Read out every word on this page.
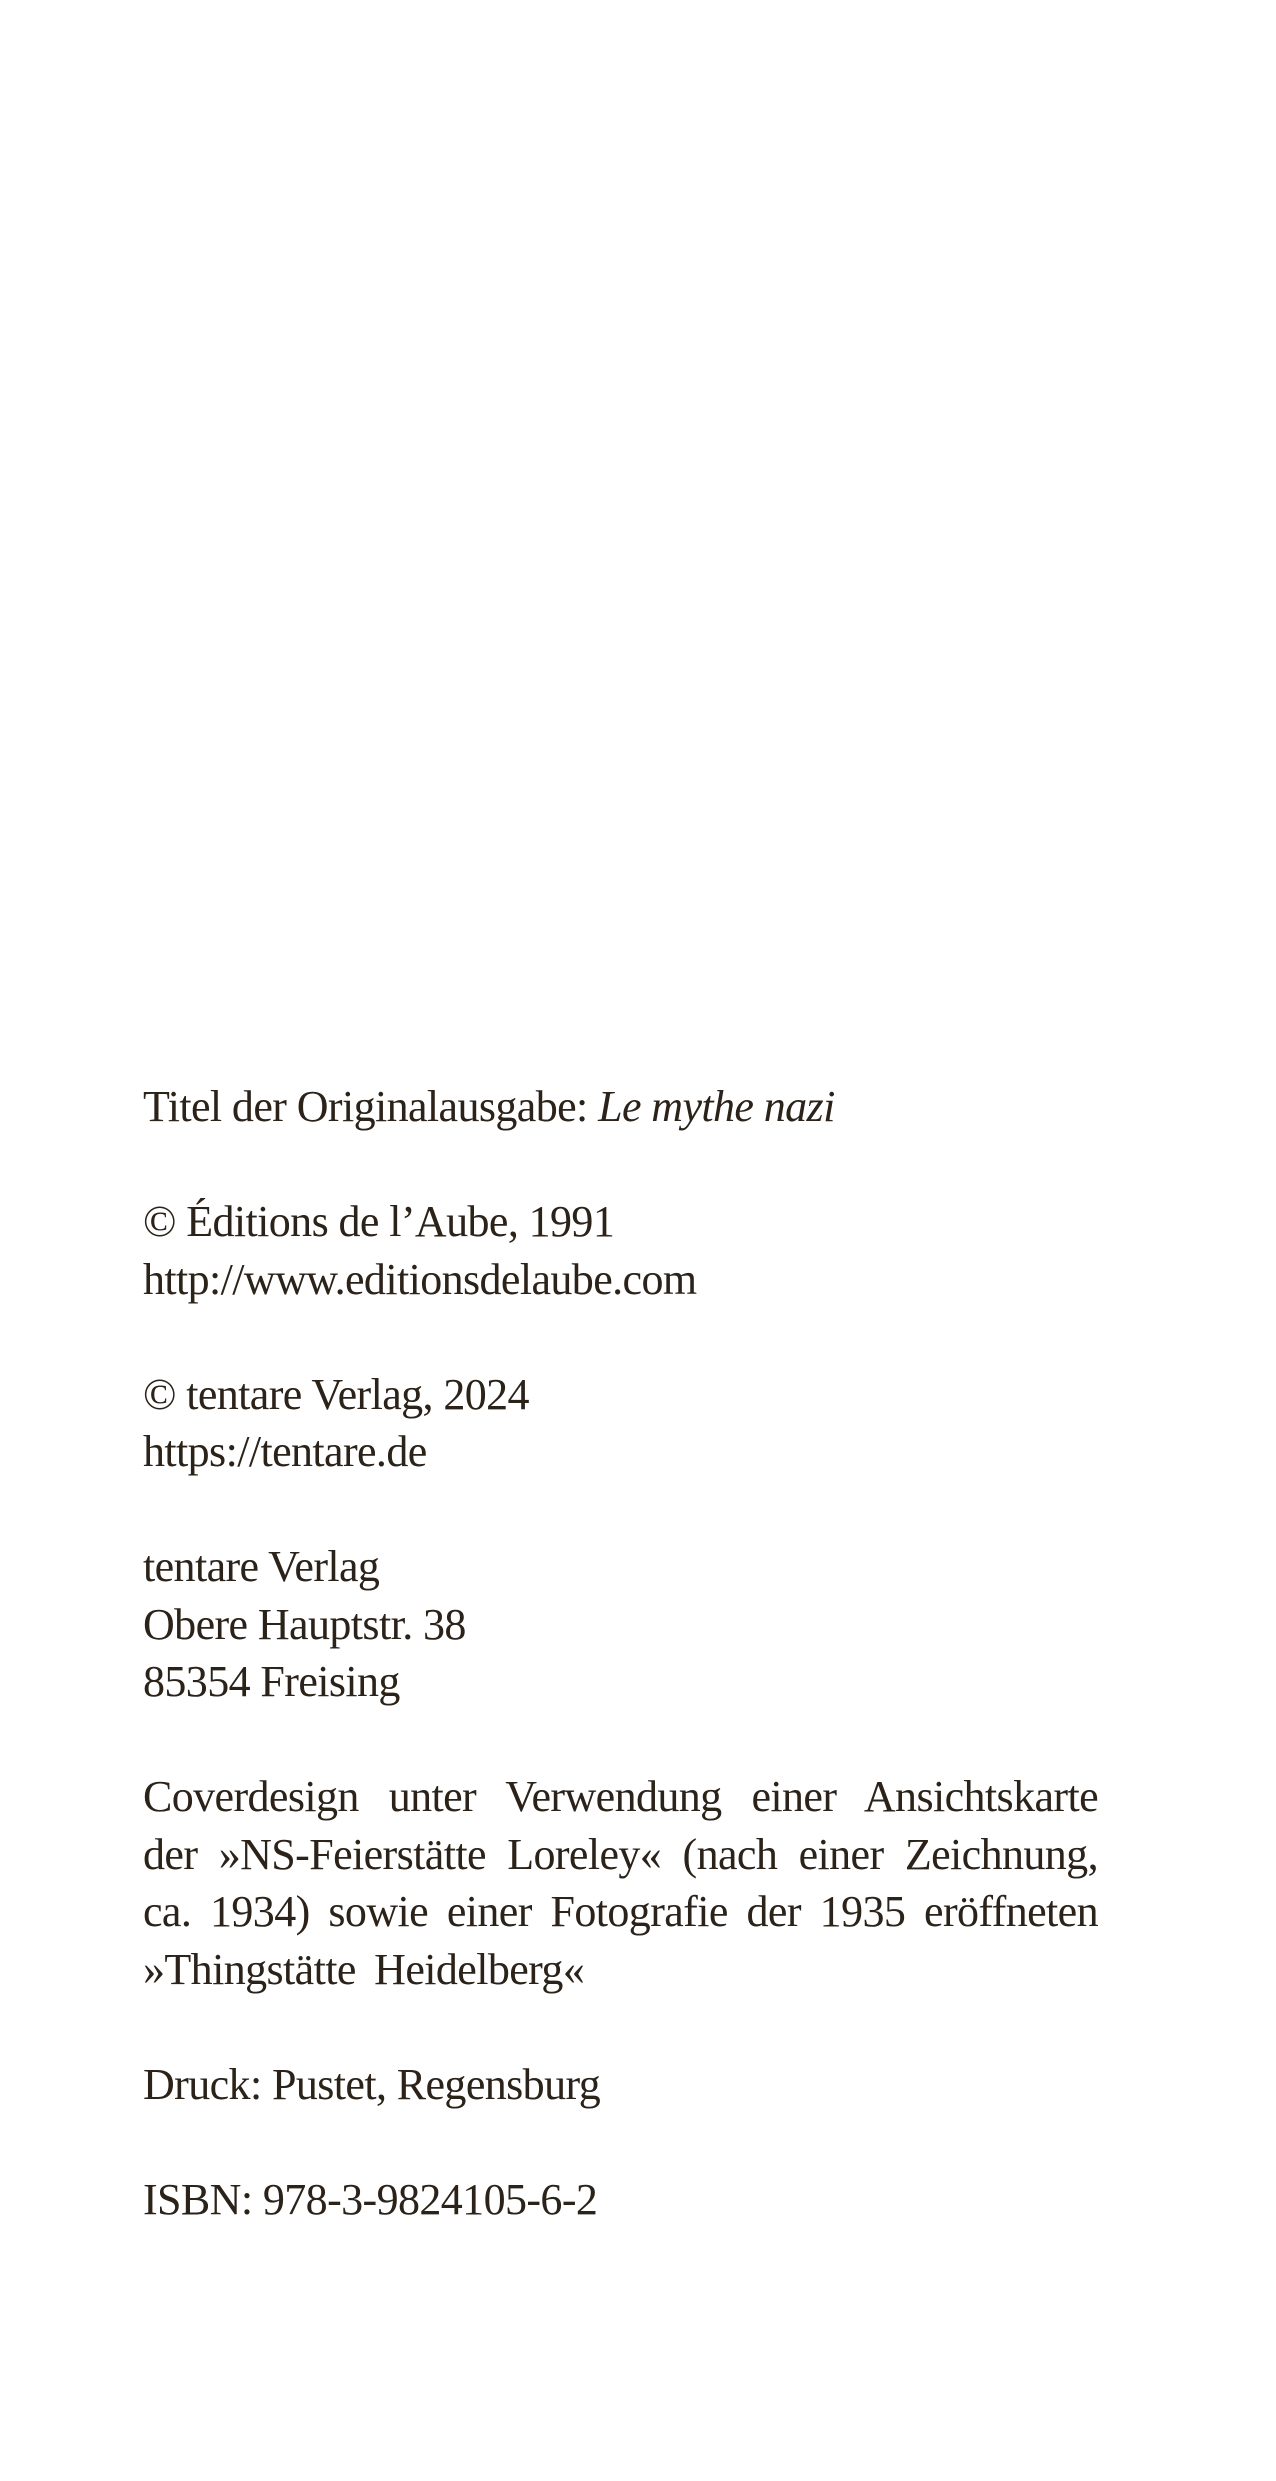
Titel der Originalausgabe: Le mythe nazi
© Éditions de l’Aube, 1991
http://www.editionsdelaube.com
© tentare Verlag, 2024
https://tentare.de
tentare Verlag
Obere Hauptstr. 38
85354 Freising
Coverdesign unter Verwendung einer Ansichtskarte
der »NS-Feierstätte Loreley« (nach einer Zeichnung,
ca. 1934) sowie einer Fotografie der 1935 eröffneten
»Thingstätte Heidelberg«
Druck: Pustet, Regensburg
ISBN: 978-3-9824105-6-2
